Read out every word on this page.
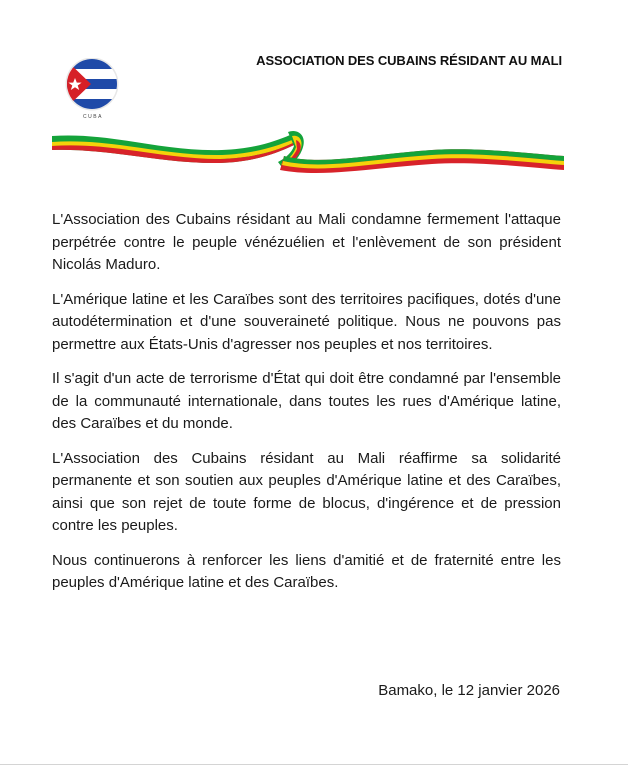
CUBA
ASSOCIATION DES CUBAINS RÉSIDANT AU MALI

L'Association des Cubains résidant au Mali condamne fermement l'attaque perpétrée contre le peuple vénézuélien et l'enlèvement de son président Nicolás Maduro.

L'Amérique latine et les Caraïbes sont des territoires pacifiques, dotés d'une autodétermination et d'une souveraineté politique. Nous ne pouvons pas permettre aux États-Unis d'agresser nos peuples et nos territoires.

Il s'agit d'un acte de terrorisme d'État qui doit être condamné par l'ensemble de la communauté internationale, dans toutes les rues d'Amérique latine, des Caraïbes et du monde.

L'Association des Cubains résidant au Mali réaffirme sa solidarité permanente et son soutien aux peuples d'Amérique latine et des Caraïbes, ainsi que son rejet de toute forme de blocus, d'ingérence et de pression contre les peuples.

Nous continuerons à renforcer les liens d'amitié et de fraternité entre les peuples d'Amérique latine et des Caraïbes.

Bamako, le 12 janvier 2026
